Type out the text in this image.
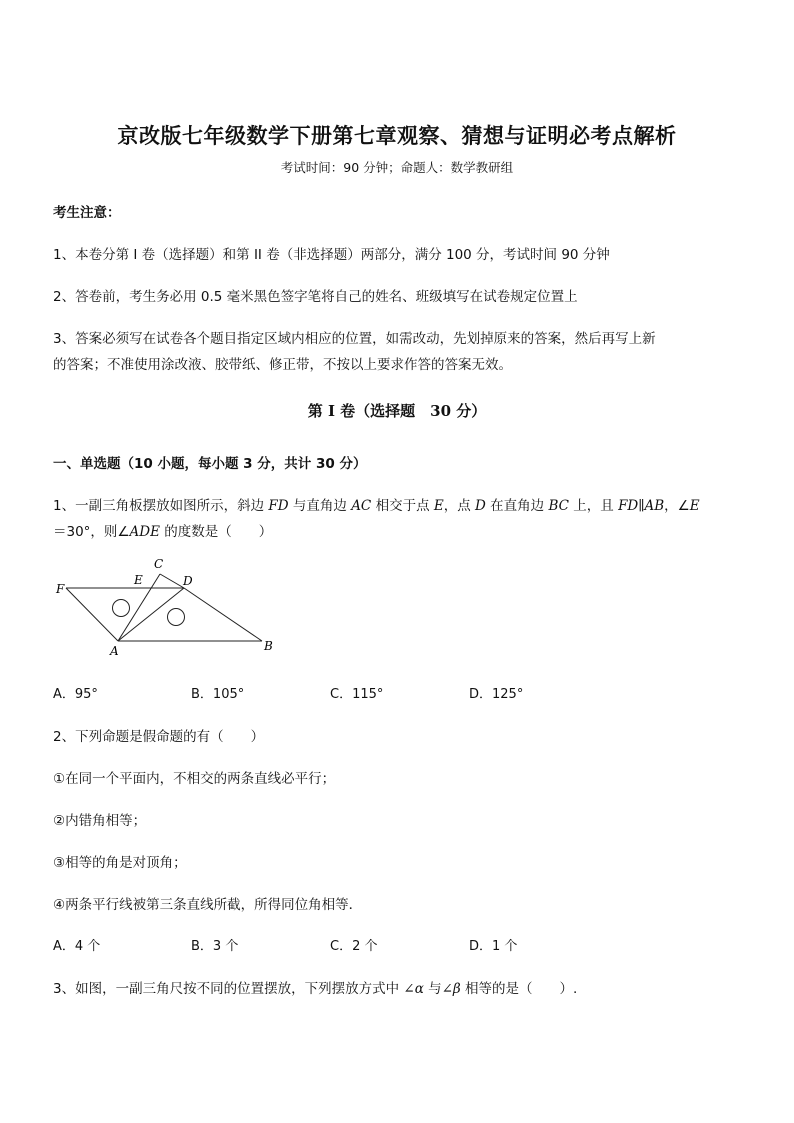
京改版七年级数学下册第七章观察、猜想与证明必考点解析
考试时间：90 分钟；命题人：数学教研组
考生注意：
1、本卷分第 I 卷（选择题）和第 II 卷（非选择题）两部分，满分 100 分，考试时间 90 分钟
2、答卷前，考生务必用 0.5 毫米黑色签字笔将自己的姓名、班级填写在试卷规定位置上
3、答案必须写在试卷各个题目指定区域内相应的位置，如需改动，先划掉原来的答案，然后再写上新
的答案；不准使用涂改液、胶带纸、修正带，不按以上要求作答的答案无效。
第 I 卷（选择题　30 分）
一、单选题（10 小题，每小题 3 分，共计 30 分）
1、一副三角板摆放如图所示，斜边 FD 与直角边 AC 相交于点 E，点 D 在直角边 BC 上，且 FD∥AB，∠E
＝30°，则∠ADE 的度数是（　　）
F
E
C
D
A	B
A．95°	B．105°	C．115°	D．125°
2、下列命题是假命题的有（　　）
①在同一个平面内，不相交的两条直线必平行；
②内错角相等；
③相等的角是对顶角；
④两条平行线被第三条直线所截，所得同位角相等．
A．4 个	B．3 个	C．2 个	D．1 个
3、如图，一副三角尺按不同的位置摆放，下列摆放方式中 ∠α 与∠β 相等的是（　　）.
